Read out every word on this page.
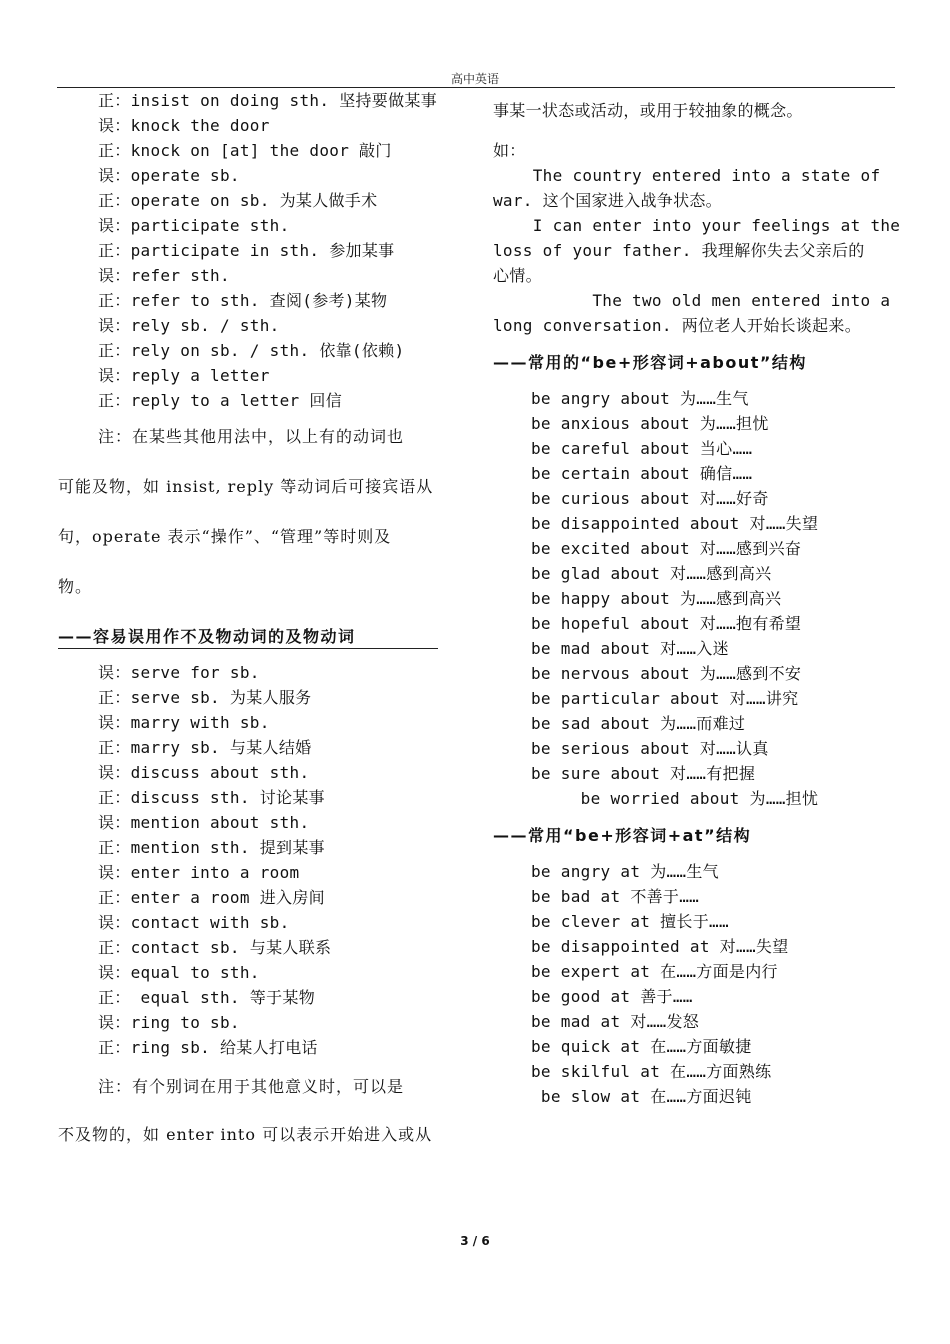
高中英语
正：insist on doing sth. 坚持要做某事
误：knock the door
正：knock on [at] the door 敲门
误：operate sb.
正：operate on sb. 为某人做手术
误：participate sth.
正：participate in sth. 参加某事
误：refer sth.
正：refer to sth. 查阅(参考)某物
误：rely sb. / sth.
正：rely on sb. / sth. 依靠(依赖)
误：reply a letter
正：reply to a letter 回信
注：在某些其他用法中，以上有的动词也
可能及物，如 insist, reply 等动词后可接宾语从
句，operate 表示“操作”、“管理”等时则及
物。
——容易误用作不及物动词的及物动词
误：serve for sb.
正：serve sb. 为某人服务
误：marry with sb.
正：marry sb. 与某人结婚
误：discuss about sth.
正：discuss sth. 讨论某事
误：mention about sth.
正：mention sth. 提到某事
误：enter into a room
正：enter a room 进入房间
误：contact with sb.
正：contact sb. 与某人联系
误：equal to sth.
正： equal sth. 等于某物
误：ring to sb.
正：ring sb. 给某人打电话
注：有个别词在用于其他意义时，可以是
不及物的，如 enter into 可以表示开始进入或从
事某一状态或活动，或用于较抽象的概念。
如：
The country entered into a state of
war. 这个国家进入战争状态。
I can enter into your feelings at the
loss of your father. 我理解你失去父亲后的
心情。
The two old men entered into a
long conversation. 两位老人开始长谈起来。
——常用的“be+形容词+about”结构
be angry about 为……生气
be anxious about 为……担忧
be careful about 当心……
be certain about 确信……
be curious about 对……好奇
be disappointed about 对……失望
be excited about 对……感到兴奋
be glad about 对……感到高兴
be happy about 为……感到高兴
be hopeful about 对……抱有希望
be mad about 对……入迷
be nervous about 为……感到不安
be particular about 对……讲究
be sad about 为……而难过
be serious about 对……认真
be sure about 对……有把握
be worried about 为……担忧
——常用“be+形容词+at”结构
be angry at 为……生气
be bad at 不善于……
be clever at 擅长于……
be disappointed at 对……失望
be expert at 在……方面是内行
be good at 善于……
be mad at 对……发怒
be quick at 在……方面敏捷
be skilful at 在……方面熟练
be slow at 在……方面迟钝
3 / 6
